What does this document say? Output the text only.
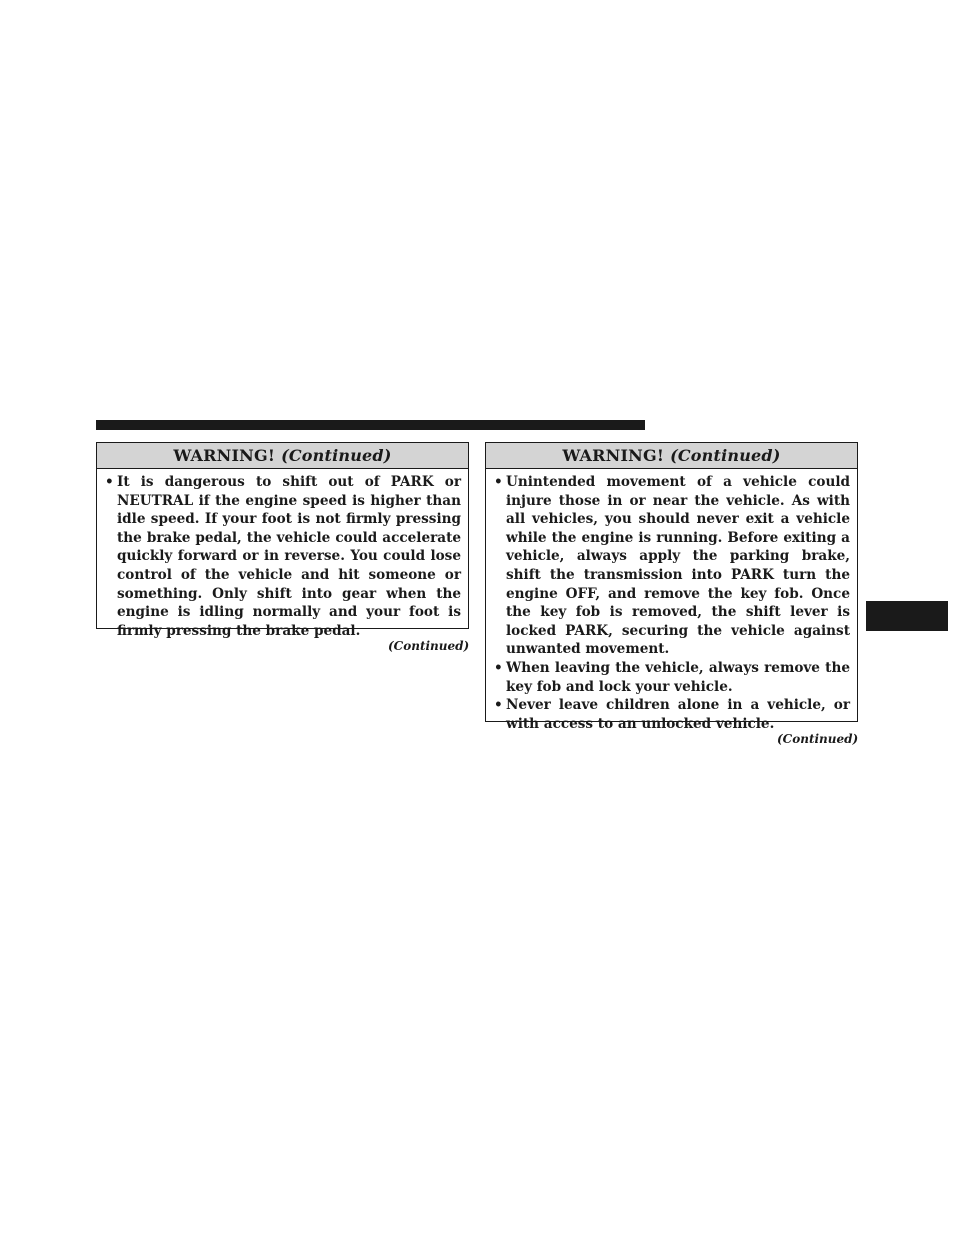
WARNING! (Continued)
• It is dangerous to shift out of PARK or NEUTRAL if the engine speed is higher than idle speed. If your foot is not firmly pressing the brake pedal, the vehicle could accelerate quickly forward or in reverse. You could lose control of the vehicle and hit someone or something. Only shift into gear when the engine is idling normally and your foot is firmly pressing the brake pedal.
(Continued)
WARNING! (Continued)
• Unintended movement of a vehicle could injure those in or near the vehicle. As with all vehicles, you should never exit a vehicle while the engine is running. Before exiting a vehicle, always apply the parking brake, shift the transmission into PARK turn the engine OFF, and remove the key fob. Once the key fob is removed, the shift lever is locked PARK, securing the vehicle against unwanted movement.
• When leaving the vehicle, always remove the key fob and lock your vehicle.
• Never leave children alone in a vehicle, or with access to an unlocked vehicle.
(Continued)
